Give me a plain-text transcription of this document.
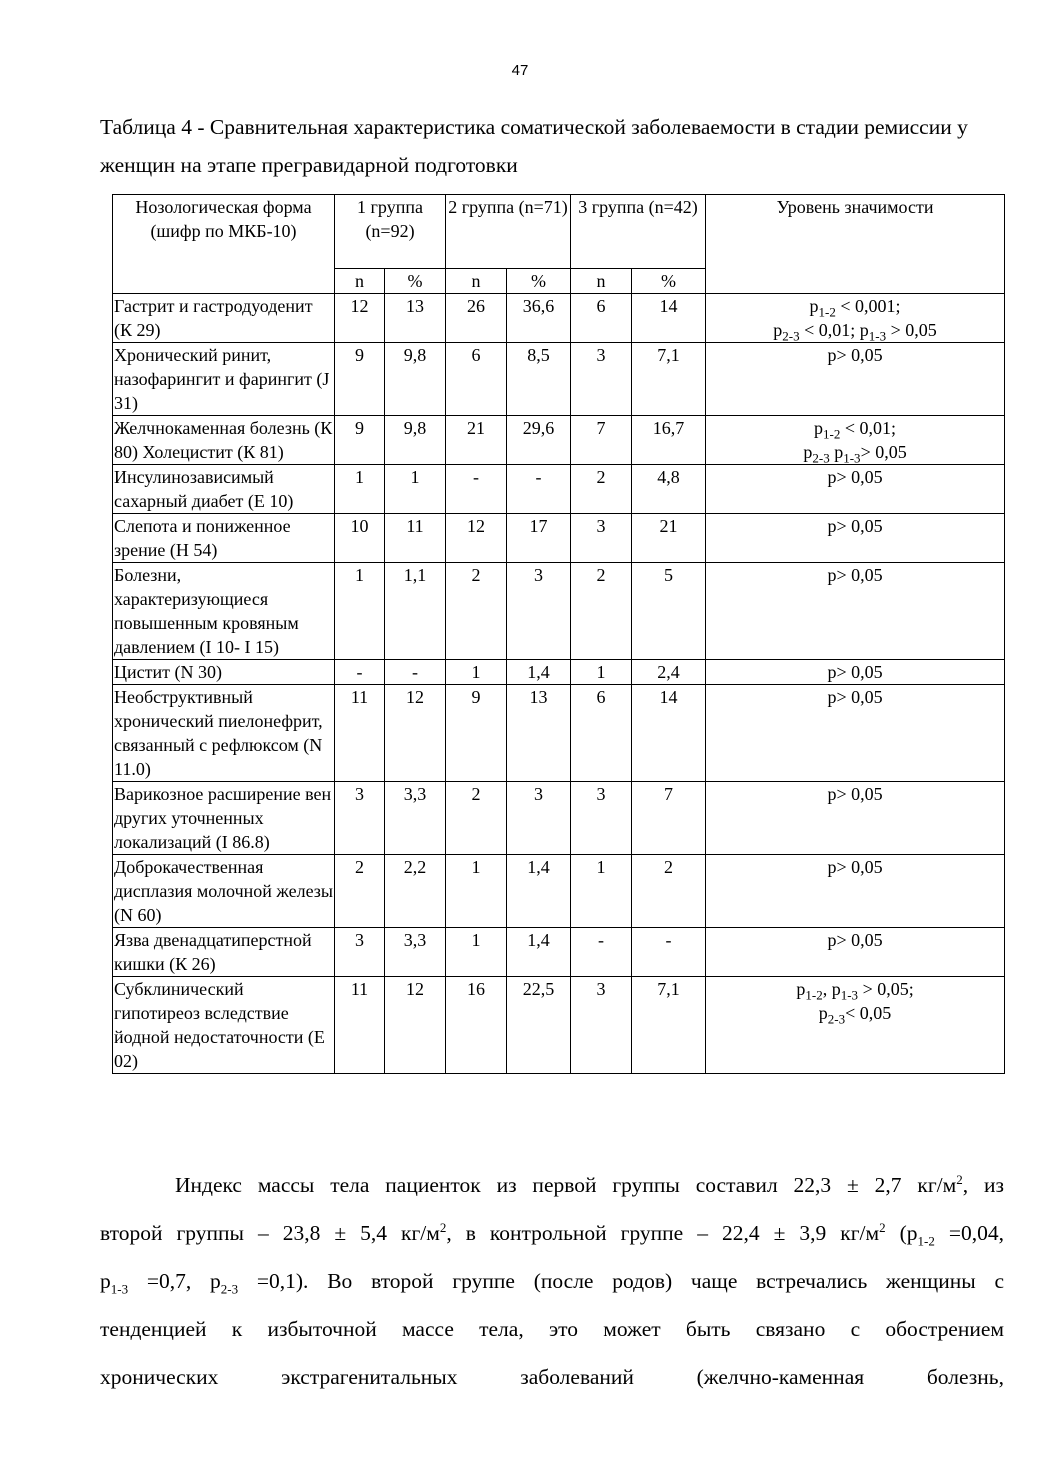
47

Таблица 4 - Сравнительная характеристика соматической заболеваемости в стадии ремиссии у женщин на этапе прегравидарной подготовки

Нозологическая форма (шифр по МКБ-10)	1 группа (n=92)		2 группа (n=71)		3 группа (n=42)		Уровень значимости
	n	%	n	%	n	%	
Гастрит и гастродуоденит (К 29)	12	13	26	36,6	6	14	$p_{1-2} < 0,001$;
$p_{2-3} < 0,01$; $p_{1-3} > 0,05$

Хронический ринит, назофарингит и фарингит (J 31)	9	9,8	6	8,5	3	7,1	p> 0,05

Желчнокаменная болезнь (К 80) Холецистит (К 81)	9	9,8	21	29,6	7	16,7	$p_{1-2} < 0,01$;
$p_{2-3}$ $p_{1-3}> 0,05$

Инсулинозависимый сахарный диабет (Е 10)	1	1	-	-	2	4,8	p> 0,05

Слепота и пониженное зрение (Н 54)	10	11	12	17	3	21	p> 0,05

Болезни, характеризующиеся повышенным кровяным давлением (I 10- I 15)	1	1,1	2	3	2	5	p> 0,05

Цистит (N 30)	-	-	1	1,4	1	2,4	p> 0,05

Необструктивный хронический пиелонефрит, связанный с рефлюксом (N 11.0)	11	12	9	13	6	14	p> 0,05

Варикозное расширение вен других уточненных локализаций (I 86.8)	3	3,3	2	3	3	7	p> 0,05

Доброкачественная дисплазия молочной железы (N 60)	2	2,2	1	1,4	1	2	p> 0,05

Язва двенадцатиперстной кишки (К 26)	3	3,3	1	1,4	-	-	p> 0,05

Субклинический гипотиреоз вследствие йодной недостаточности (Е 02)	11	12	16	22,5	3	7,1	$p_{1-2}$, $p_{1-3} > 0,05$;
$p_{2-3}< 0,05$

Индекс массы тела пациенток из первой группы составил 22,3 ± 2,7 $кг/м^2$, из
второй группы – 23,8 ± 5,4 $кг/м^2$, в контрольной группе – 22,4 ± 3,9 $кг/м^2$ ($p_{1-2} =0,04$,
$p_{1-3} =0,7$, $p_{2-3} =0,1$). Во второй группе (после родов) чаще встречались женщины с
тенденцией к избыточной массе тела, это может быть связано с обострением
хронических экстрагенитальных заболеваний (желчно-каменная болезнь,
